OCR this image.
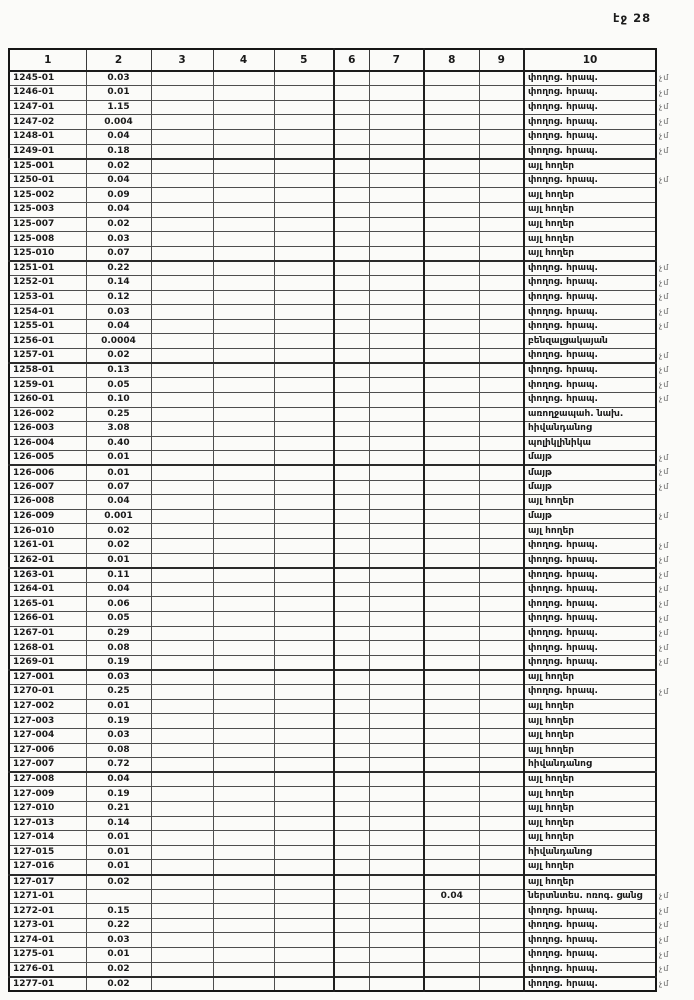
էջ 28
1	2	3	4	5	6	7	8	9	10
1245-01	0.03								փողոց. հրապ.
1246-01	0.01								փողոց. հրապ.
1247-01	1.15								փողոց. հրապ.
1247-02	0.004								փողոց. հրապ.
1248-01	0.04								փողոց. հրապ.
1249-01	0.18								փողոց. հրապ.
125-001	0.02								այլ հողեր
1250-01	0.04								փողոց. հրապ.
125-002	0.09								այլ հողեր
125-003	0.04								այլ հողեր
125-007	0.02								այլ հողեր
125-008	0.03								այլ հողեր
125-010	0.07								այլ հողեր
1251-01	0.22								փողոց. հրապ.
1252-01	0.14								փողոց. հրապ.
1253-01	0.12								փողոց. հրապ.
1254-01	0.03								փողոց. հրապ.
1255-01	0.04								փողոց. հրապ.
1256-01	0.0004								բենզալցակայան
1257-01	0.02								փողոց. հրապ.
1258-01	0.13								փողոց. հրապ.
1259-01	0.05								փողոց. հրապ.
1260-01	0.10								փողոց. հրապ.
126-002	0.25								առողջապահ. նախ.
126-003	3.08								հիվանդանոց
126-004	0.40								պոլիկլինիկա
126-005	0.01								մայթ
126-006	0.01								մայթ
126-007	0.07								մայթ
126-008	0.04								այլ հողեր
126-009	0.001								մայթ
126-010	0.02								այլ հողեր
1261-01	0.02								փողոց. հրապ.
1262-01	0.01								փողոց. հրապ.
1263-01	0.11								փողոց. հրապ.
1264-01	0.04								փողոց. հրապ.
1265-01	0.06								փողոց. հրապ.
1266-01	0.05								փողոց. հրապ.
1267-01	0.29								փողոց. հրապ.
1268-01	0.08								փողոց. հրապ.
1269-01	0.19								փողոց. հրապ.
127-001	0.03								այլ հողեր
1270-01	0.25								փողոց. հրապ.
127-002	0.01								այլ հողեր
127-003	0.19								այլ հողեր
127-004	0.03								այլ հողեր
127-006	0.08								այլ հողեր
127-007	0.72								հիվանդանոց
127-008	0.04								այլ հողեր
127-009	0.19								այլ հողեր
127-010	0.21								այլ հողեր
127-013	0.14								այլ հողեր
127-014	0.01								այլ հողեր
127-015	0.01								հիվանդանոց
127-016	0.01								այլ հողեր
127-017	0.02								այլ հողեր
1271-01							0.04		ներտնտես. ոռոգ. ցանց
1272-01	0.15								փողոց. հրապ.
1273-01	0.22								փողոց. հրապ.
1274-01	0.03								փողոց. հրապ.
1275-01	0.01								փողոց. հրապ.
1276-01	0.02								փողոց. հրապ.
1277-01	0.02								փողոց. հրապ.
չմ
չմ
չմ
չմ
չմ
չմ
չմ
չմ
չմ
չմ
չմ
չմ
չմ
չմ
չմ
չմ
չմ
չմ
չմ
չմ
չմ
չմ
չմ
չմ
չմ
չմ
չմ
չմ
չմ
չմ
չմ
չմ
չմ
չմ
չմ
չմ
չմ
